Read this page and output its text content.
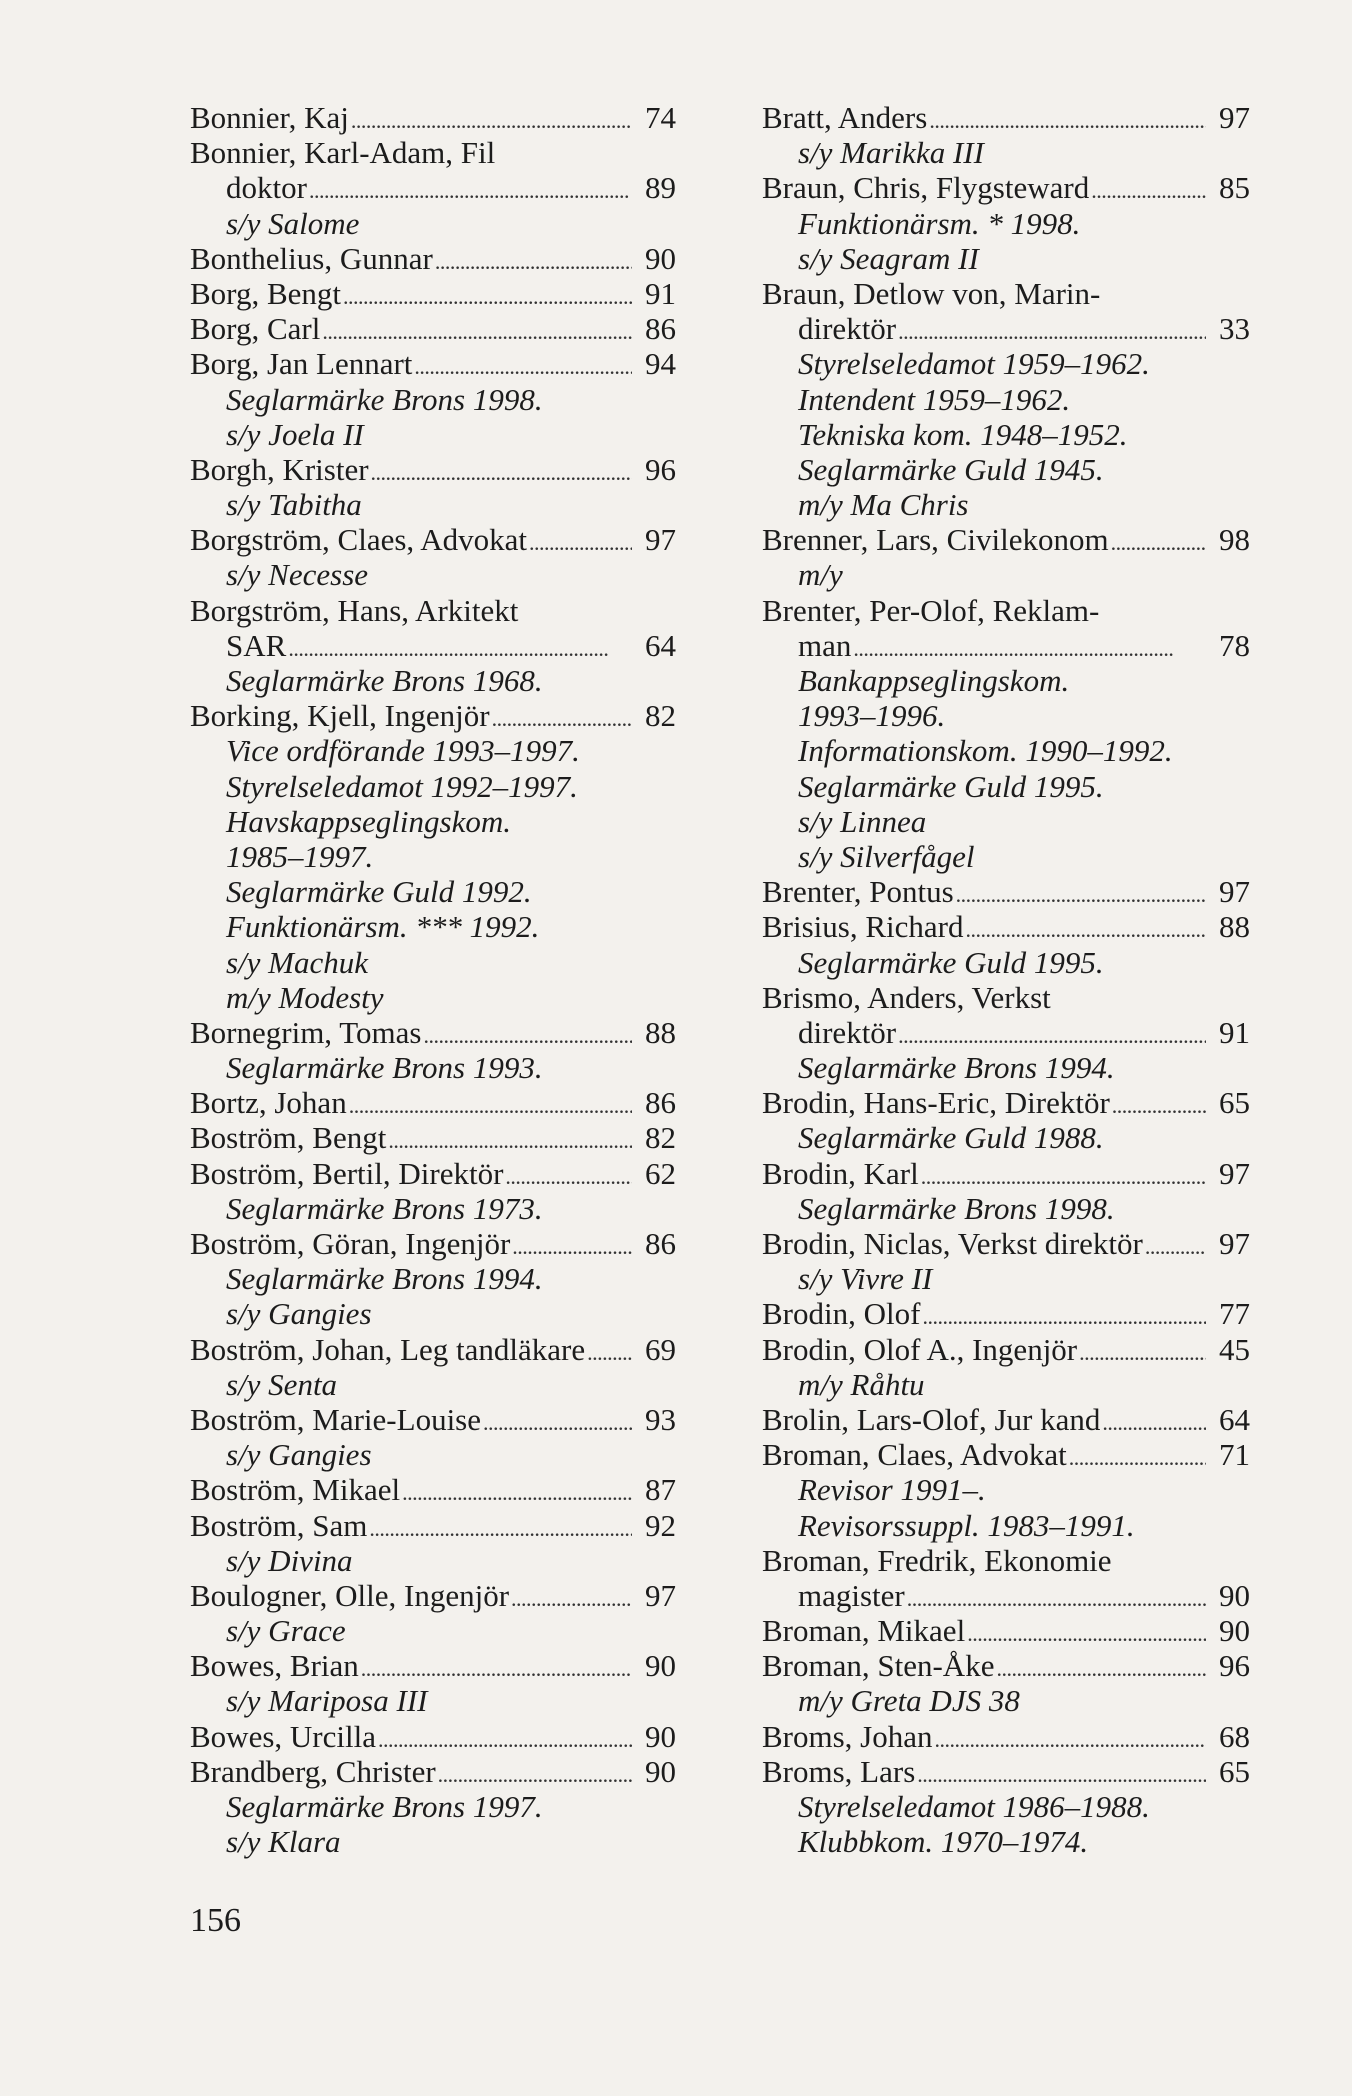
Bonnier, Kaj . . .	74
Bonnier, Karl-Adam, Fil
doktor . . .	89
s/y Salome
Bonthelius, Gunnar . . .	90
Borg, Bengt . . .	91
Borg, Carl . . .	86
Borg, Jan Lennart . . .	94
Seglarmärke Brons 1998.
s/y Joela II
Borgh, Krister . . .	96
s/y Tabitha
Borgström, Claes, Advokat . . .	97
s/y Necesse
Borgström, Hans, Arkitekt
SAR . . .	64
Seglarmärke Brons 1968.
Borking, Kjell, Ingenjör . . .	82
Vice ordförande 1993–1997.
Styrelseledamot 1992–1997.
Havskappseglingskom.
1985–1997.
Seglarmärke Guld 1992.
Funktionärsm. *** 1992.
s/y Machuk
m/y Modesty
Bornegrim, Tomas . . .	88
Seglarmärke Brons 1993.
Bortz, Johan . . .	86
Boström, Bengt . . .	82
Boström, Bertil, Direktör . . .	62
Seglarmärke Brons 1973.
Boström, Göran, Ingenjör . . .	86
Seglarmärke Brons 1994.
s/y Gangies
Boström, Johan, Leg tandläkare . . . 69
s/y Senta
Boström, Marie-Louise . . .	93
s/y Gangies
Boström, Mikael . . .	87
Boström, Sam . . .	92
s/y Divina
Boulogner, Olle, Ingenjör . . .	97
s/y Grace
Bowes, Brian . . .	90
s/y Mariposa III
Bowes, Urcilla . . .	90
Brandberg, Christer . . .	90
Seglarmärke Brons 1997.
s/y Klara
Bratt, Anders . . .	97
s/y Marikka III
Braun, Chris, Flygsteward . . .	85
Funktionärsm. * 1998.
s/y Seagram II
Braun, Detlow von, Marin-
direktör . . .	33
Styrelseledamot 1959–1962.
Intendent 1959–1962.
Tekniska kom. 1948–1952.
Seglarmärke Guld 1945.
m/y Ma Chris
Brenner, Lars, Civilekonom . . .	98
m/y
Brenter, Per-Olof, Reklam-
man . . .	78
Bankappseglingskom.
1993–1996.
Informationskom. 1990–1992.
Seglarmärke Guld 1995.
s/y Linnea
s/y Silverfågel
Brenter, Pontus . . .	97
Brisius, Richard . . .	88
Seglarmärke Guld 1995.
Brismo, Anders, Verkst
direktör . . .	91
Seglarmärke Brons 1994.
Brodin, Hans-Eric, Direktör . . .	65
Seglarmärke Guld 1988.
Brodin, Karl . . .	97
Seglarmärke Brons 1998.
Brodin, Niclas, Verkst direktör . . . 97
s/y Vivre II
Brodin, Olof . . .	77
Brodin, Olof A., Ingenjör . . .	45
m/y Råhtu
Brolin, Lars-Olof, Jur kand . . .	64
Broman, Claes, Advokat . . .	71
Revisor 1991–.
Revisorssuppl. 1983–1991.
Broman, Fredrik, Ekonomie
magister . . .	90
Broman, Mikael . . .	90
Broman, Sten-Åke . . .	96
m/y Greta DJS 38
Broms, Johan . . .	68
Broms, Lars . . .	65
Styrelseledamot 1986–1988.
Klubbkom. 1970–1974.
156
